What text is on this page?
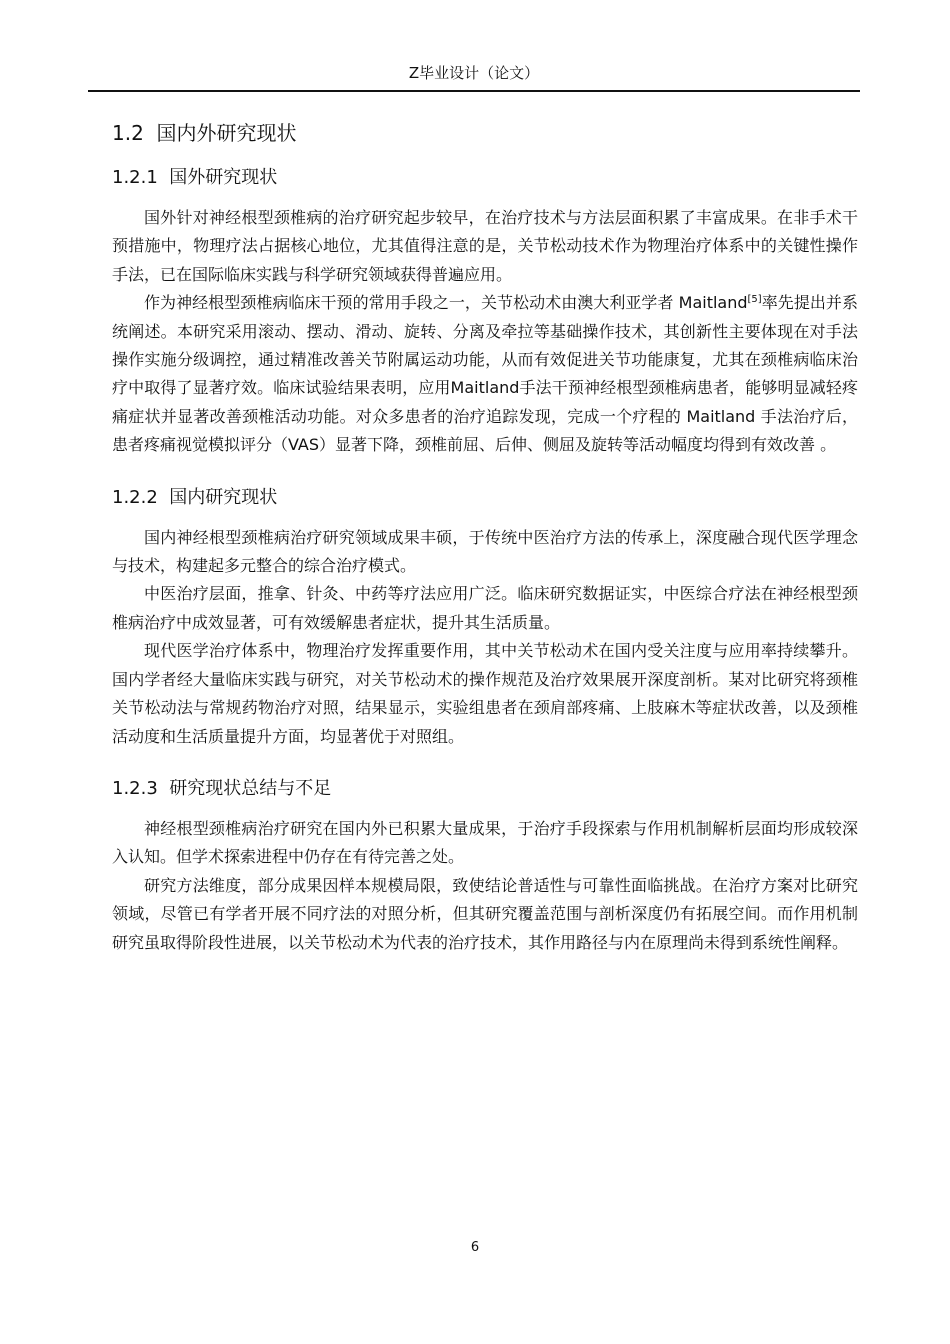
Z毕业设计（论文）
1.2 国内外研究现状
1.2.1 国外研究现状

国外针对神经根型颈椎病的治疗研究起步较早，在治疗技术与方法层面积累了丰富成果。在非手术干预措施中，物理疗法占据核心地位，尤其值得注意的是，关节松动技术作为物理治疗体系中的关键性操作手法，已在国际临床实践与科学研究领域获得普遍应用。

作为神经根型颈椎病临床干预的常用手段之一，关节松动术由澳大利亚学者 Maitland[5]率先提出并系统阐述。本研究采用滚动、摆动、滑动、旋转、分离及牵拉等基础操作技术，其创新性主要体现在对手法操作实施分级调控，通过精准改善关节附属运动功能，从而有效促进关节功能康复，尤其在颈椎病临床治疗中取得了显著疗效。临床试验结果表明，应用Maitland手法干预神经根型颈椎病患者，能够明显减轻疼痛症状并显著改善颈椎活动功能。对众多患者的治疗追踪发现，完成一个疗程的 Maitland 手法治疗后，患者疼痛视觉模拟评分（VAS）显著下降，颈椎前屈、后伸、侧屈及旋转等活动幅度均得到有效改善 。

1.2.2 国内研究现状

国内神经根型颈椎病治疗研究领域成果丰硕，于传统中医治疗方法的传承上，深度融合现代医学理念与技术，构建起多元整合的综合治疗模式。

中医治疗层面，推拿、针灸、中药等疗法应用广泛。临床研究数据证实，中医综合疗法在神经根型颈椎病治疗中成效显著，可有效缓解患者症状，提升其生活质量。

现代医学治疗体系中，物理治疗发挥重要作用，其中关节松动术在国内受关注度与应用率持续攀升。国内学者经大量临床实践与研究，对关节松动术的操作规范及治疗效果展开深度剖析。某对比研究将颈椎关节松动法与常规药物治疗对照，结果显示，实验组患者在颈肩部疼痛、上肢麻木等症状改善，以及颈椎活动度和生活质量提升方面，均显著优于对照组。

1.2.3 研究现状总结与不足

神经根型颈椎病治疗研究在国内外已积累大量成果，于治疗手段探索与作用机制解析层面均形成较深入认知。但学术探索进程中仍存在有待完善之处。

研究方法维度，部分成果因样本规模局限，致使结论普适性与可靠性面临挑战。在治疗方案对比研究领域，尽管已有学者开展不同疗法的对照分析，但其研究覆盖范围与剖析深度仍有拓展空间。而作用机制研究虽取得阶段性进展，以关节松动术为代表的治疗技术，其作用路径与内在原理尚未得到系统性阐释。

6
